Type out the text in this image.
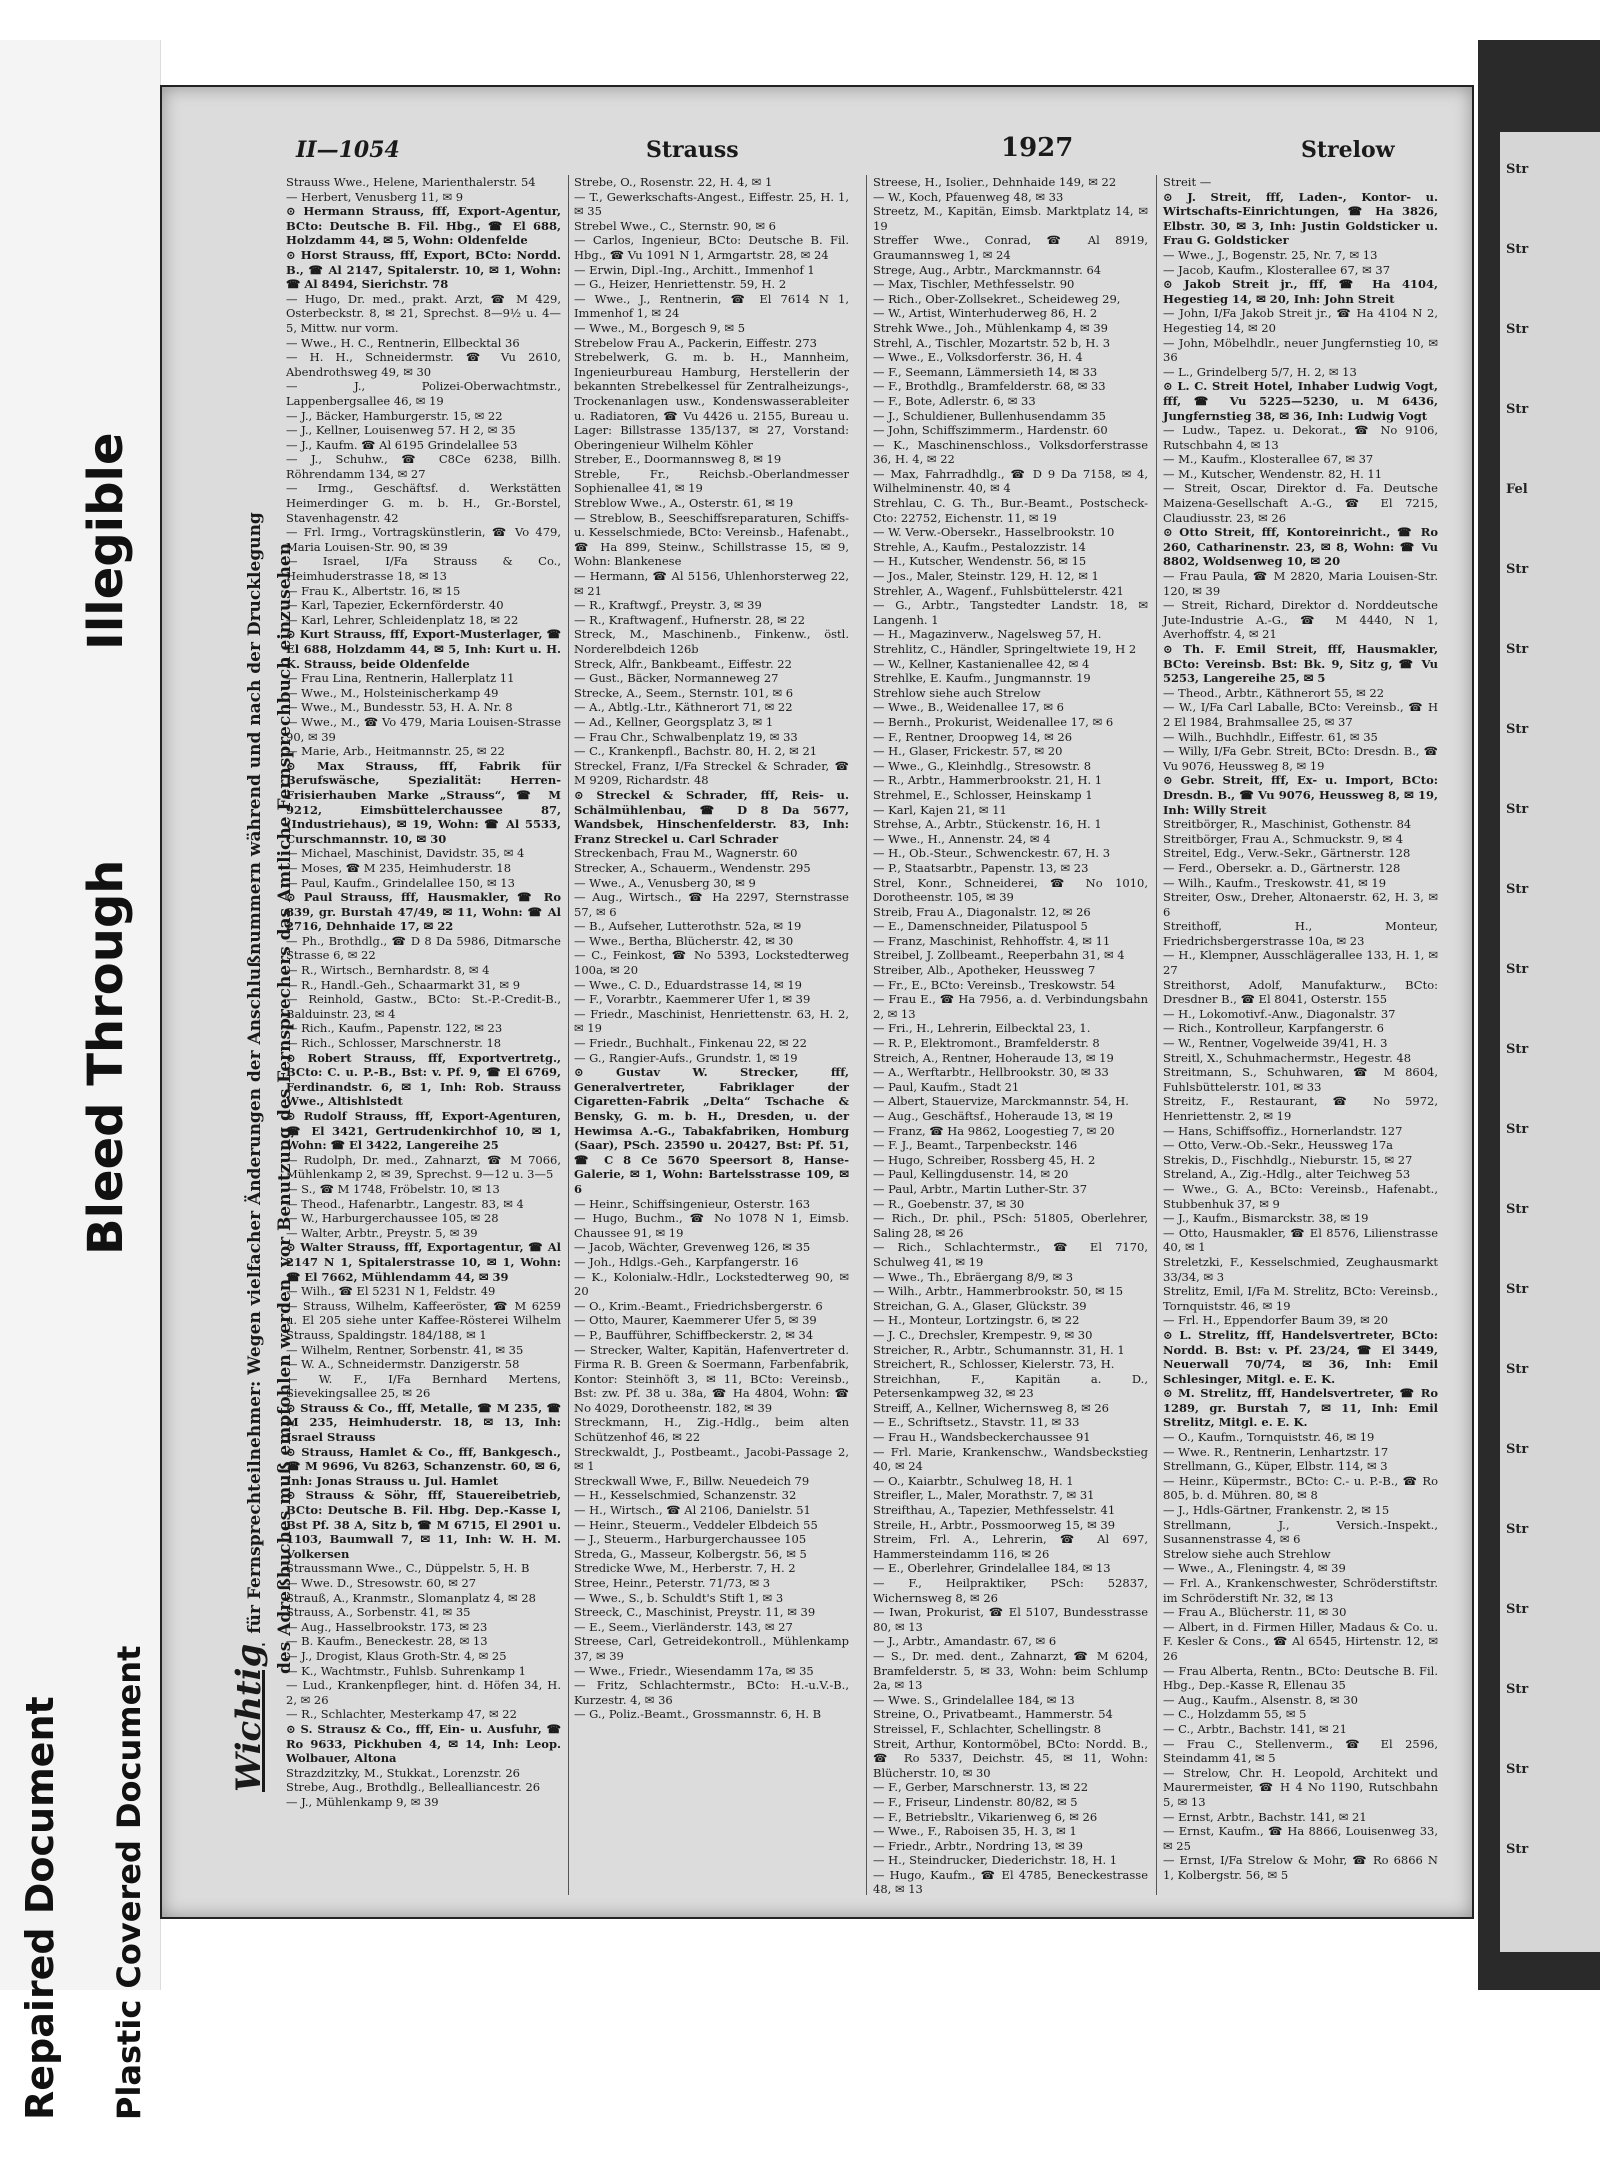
Illegible
Bleed Through
Repaired Document Plastic Covered Document
II—1054	Strauss	1927	Strelow
Wichtigfür Fernsprechteilnehmer: Wegen vielfacher Änderungen der Anschlußnummern während und nach der Drucklegung des Adreßbuches muß empfohlen werden, vor Benutzung des Fernsprechers das Amtliche Fernsprechbuch einzusehen

Strauss Wwe., Helene, Marienthalerstr. 54

— Herbert, Venusberg 11, ✉ 9

⊙ Hermann Strauss, fff, Export-Agentur, BCto: Deutsche B. Fil. Hbg., ☎ El 688, Holzdamm 44, ✉ 5, Wohn: Oldenfelde

⊙ Horst Strauss, fff, Export, BCto: Nordd. B., ☎ Al 2147, Spitalerstr. 10, ✉ 1, Wohn: ☎ Al 8494, Sierichstr. 78

— Hugo, Dr. med., prakt. Arzt, ☎ M 429, Osterbeckstr. 8, ✉ 21, Sprechst. 8—9½ u. 4—5, Mittw. nur vorm.

— Wwe., H. C., Rentnerin, Ellbecktal 36

— H. H., Schneidermstr. ☎ Vu 2610, Abendrothsweg 49, ✉ 30

— J., Polizei-Oberwachtmstr., Lappenbergsallee 46, ✉ 19

— J., Bäcker, Hamburgerstr. 15, ✉ 22

— J., Kellner, Louisenweg 57. H 2, ✉ 35

— J., Kaufm. ☎ Al 6195 Grindelallee 53

— J., Schuhw., ☎ C8Ce 6238, Billh. Röhrendamm 134, ✉ 27

— Irmg., Geschäftsf. d. Werkstätten Heimerdinger G. m. b. H., Gr.-Borstel, Stavenhagenstr. 42

— Frl. Irmg., Vortragskünstlerin, ☎ Vo 479, Maria Louisen-Str. 90, ✉ 39

— Israel, I/Fa Strauss & Co., Heimhuderstrasse 18, ✉ 13

— Frau K., Albertstr. 16, ✉ 15

— Karl, Tapezier, Eckernförderstr. 40

— Karl, Lehrer, Schleidenplatz 18, ✉ 22

⊙ Kurt Strauss, fff, Export-Musterlager, ☎ El 688, Holzdamm 44, ✉ 5, Inh: Kurt u. H. K. Strauss, beide Oldenfelde

— Frau Lina, Rentnerin, Hallerplatz 11

— Wwe., M., Holsteinischerkamp 49

— Wwe., M., Bundesstr. 53, H. A. Nr. 8

— Wwe., M., ☎ Vo 479, Maria Louisen-Strasse 90, ✉ 39

— Marie, Arb., Heitmannstr. 25, ✉ 22

⊙ Max Strauss, fff, Fabrik für Berufswäsche, Spezialität: Herren-Frisierhauben Marke „Strauss“, ☎ M 9212, Eimsbüttelerchaussee 87, (Industriehaus), ✉ 19, Wohn: ☎ Al 5533, Curschmannstr. 10, ✉ 30

— Michael, Maschinist, Davidstr. 35, ✉ 4

— Moses, ☎ M 235, Heimhuderstr. 18

— Paul, Kaufm., Grindelallee 150, ✉ 13

⊙ Paul Strauss, fff, Hausmakler, ☎ Ro 839, gr. Burstah 47/49, ✉ 11, Wohn: ☎ Al 2716, Dehnhaide 17, ✉ 22

— Ph., Brothdlg., ☎ D 8 Da 5986, Ditmarsche Strasse 6, ✉ 22

— R., Wirtsch., Bernhardstr. 8, ✉ 4

— R., Handl.-Geh., Schaarmarkt 31, ✉ 9

— Reinhold, Gastw., BCto: St.-P.-Credit-B., Balduinstr. 23, ✉ 4

— Rich., Kaufm., Papenstr. 122, ✉ 23

— Rich., Schlosser, Marschnerstr. 18

⊙ Robert Strauss, fff, Exportvertretg., BCto: C. u. P.-B., Bst: v. Pf. 9, ☎ El 6769, Ferdinandstr. 6, ✉ 1, Inh: Rob. Strauss Wwe., Altishlstedt

⊙ Rudolf Strauss, fff, Export-Agenturen, ☎ El 3421, Gertrudenkirchhof 10, ✉ 1, Wohn: ☎ El 3422, Langereihe 25

— Rudolph, Dr. med., Zahnarzt, ☎ M 7066, Mühlenkamp 2, ✉ 39, Sprechst. 9—12 u. 3—5

— S., ☎ M 1748, Fröbelstr. 10, ✉ 13

— Theod., Hafenarbtr., Langestr. 83, ✉ 4

— W., Harburgerchaussee 105, ✉ 28

— Walter, Arbtr., Preystr. 5, ✉ 39

⊙ Walter Strauss, fff, Exportagentur, ☎ Al 2147 N 1, Spitalerstrasse 10, ✉ 1, Wohn: ☎ El 7662, Mühlendamm 44, ✉ 39

— Wilh., ☎ El 5231 N 1, Feldstr. 49

— Strauss, Wilhelm, Kaffeeröster, ☎ M 6259 u. El 205 siehe unter Kaffee-Rösterei Wilhelm Strauss, Spaldingstr. 184/188, ✉ 1

— Wilhelm, Rentner, Sorbenstr. 41, ✉ 35

— W. A., Schneidermstr. Danzigerstr. 58

— W. F., I/Fa Bernhard Mertens, Sievekingsallee 25, ✉ 26

⊙ Strauss & Co., fff, Metalle, ☎ M 235, ☎ M 235, Heimhuderstr. 18, ✉ 13, Inh: Israel Strauss

⊙ Strauss, Hamlet & Co., fff, Bankgesch., ☎ M 9696, Vu 8263, Schanzenstr. 60, ✉ 6, Inh: Jonas Strauss u. Jul. Hamlet

⊙ Strauss & Söhr, fff, Stauereibetrieb, BCto: Deutsche B. Fil. Hbg. Dep.-Kasse I, Bst Pf. 38 A, Sitz b, ☎ M 6715, El 2901 u. 1103, Baumwall 7, ✉ 11, Inh: W. H. M. Volkersen

Straussmann Wwe., C., Düppelstr. 5, H. B

— Wwe. D., Stresowstr. 60, ✉ 27

Strauß, A., Kranmstr., Slomanplatz 4, ✉ 28

Strauss, A., Sorbenstr. 41, ✉ 35

— Aug., Hasselbrookstr. 173, ✉ 23

— B. Kaufm., Beneckestr. 28, ✉ 13

— J., Drogist, Klaus Groth-Str. 4, ✉ 25

— K., Wachtmstr., Fuhlsb. Suhrenkamp 1

— Lud., Krankenpfleger, hint. d. Höfen 34, H. 2, ✉ 26

— R., Schlachter, Mesterkamp 47, ✉ 22

⊙ S. Strausz & Co., fff, Ein- u. Ausfuhr, ☎ Ro 9633, Pickhuben 4, ✉ 14, Inh: Leop. Wolbauer, Altona

Strazdzitzky, M., Stukkat., Lorenzstr. 26

Strebe, Aug., Brothdlg., Bellealliancestr. 26

— J., Mühlenkamp 9, ✉ 39

Strebe, O., Rosenstr. 22, H. 4, ✉ 1

— T., Gewerkschafts-Angest., Eiffestr. 25, H. 1, ✉ 35

Strebel Wwe., C., Sternstr. 90, ✉ 6

— Carlos, Ingenieur, BCto: Deutsche B. Fil. Hbg., ☎ Vu 1091 N 1, Armgartstr. 28, ✉ 24

— Erwin, Dipl.-Ing., Architt., Immenhof 1

— G., Heizer, Henriettenstr. 59, H. 2

— Wwe., J., Rentnerin, ☎ El 7614 N 1, Immenhof 1, ✉ 24

— Wwe., M., Borgesch 9, ✉ 5

Strebelow Frau A., Packerin, Eiffestr. 273

Strebelwerk, G. m. b. H., Mannheim, Ingenieurbureau Hamburg, Herstellerin der bekannten Strebelkessel für Zentralheizungs-, Trockenanlagen usw., Kondenswasserableiter u. Radiatoren, ☎ Vu 4426 u. 2155, Bureau u. Lager: Billstrasse 135/137, ✉ 27, Vorstand: Oberingenieur Wilhelm Köhler

Streber, E., Doormannsweg 8, ✉ 19

Streble, Fr., Reichsb.-Oberlandmesser Sophienallee 41, ✉ 19

Streblow Wwe., A., Osterstr. 61, ✉ 19

— Streblow, B., Seeschiffsreparaturen, Schiffs- u. Kesselschmiede, BCto: Vereinsb., Hafenabt., ☎ Ha 899, Steinw., Schillstrasse 15, ✉ 9, Wohn: Blankenese

— Hermann, ☎ Al 5156, Uhlenhorsterweg 22, ✉ 21

— R., Kraftwgf., Preystr. 3, ✉ 39

— R., Kraftwagenf., Hufnerstr. 28, ✉ 22

Streck, M., Maschinenb., Finkenw., östl. Norderelbdeich 126b

Streck, Alfr., Bankbeamt., Eiffestr. 22

— Gust., Bäcker, Normanneweg 27

Strecke, A., Seem., Sternstr. 101, ✉ 6

— A., Abtlg.-Ltr., Käthnerort 71, ✉ 22

— Ad., Kellner, Georgsplatz 3, ✉ 1

— Frau Chr., Schwalbenplatz 19, ✉ 33

— C., Krankenpfl., Bachstr. 80, H. 2, ✉ 21

Streckel, Franz, I/Fa Streckel & Schrader, ☎ M 9209, Richardstr. 48

⊙ Streckel & Schrader, fff, Reis- u. Schälmühlenbau, ☎ D 8 Da 5677, Wandsbek, Hinschenfelderstr. 83, Inh: Franz Streckel u. Carl Schrader

Streckenbach, Frau M., Wagnerstr. 60

Strecker, A., Schauerm., Wendenstr. 295

— Wwe., A., Venusberg 30, ✉ 9

— Aug., Wirtsch., ☎ Ha 2297, Sternstrasse 57, ✉ 6

— B., Aufseher, Lutterothstr. 52a, ✉ 19

— Wwe., Bertha, Blücherstr. 42, ✉ 30

— C., Feinkost, ☎ No 5393, Lockstedterweg 100a, ✉ 20

— Wwe., C. D., Eduardstrasse 14, ✉ 19

— F., Vorarbtr., Kaemmerer Ufer 1, ✉ 39

— Friedr., Maschinist, Henriettenstr. 63, H. 2, ✉ 19

— Friedr., Buchhalt., Finkenau 22, ✉ 22

— G., Rangier-Aufs., Grundstr. 1, ✉ 19

⊙ Gustav W. Strecker, fff, Generalvertreter, Fabriklager der Cigaretten-Fabrik „Delta“ Tschache & Bensky, G. m. b. H., Dresden, u. der Hewimsa A.-G., Tabakfabriken, Homburg (Saar), PSch. 23590 u. 20427, Bst: Pf. 51, ☎ C 8 Ce 5670 Speersort 8, Hanse-Galerie, ✉ 1, Wohn: Bartelsstrasse 109, ✉ 6

— Heinr., Schiffsingenieur, Osterstr. 163

— Hugo, Buchm., ☎ No 1078 N 1, Eimsb. Chaussee 91, ✉ 19

— Jacob, Wächter, Grevenweg 126, ✉ 35

— Joh., Hdlgs.-Geh., Karpfangerstr. 16

— K., Kolonialw.-Hdlr., Lockstedterweg 90, ✉ 20

— O., Krim.-Beamt., Friedrichsbergerstr. 6

— Otto, Maurer, Kaemmerer Ufer 5, ✉ 39

— P., Baufführer, Schiffbeckerstr. 2, ✉ 34

— Strecker, Walter, Kapitän, Hafenvertreter d. Firma R. B. Green & Soermann, Farbenfabrik, Kontor: Steinhöft 3, ✉ 11, BCto: Vereinsb., Bst: zw. Pf. 38 u. 38a, ☎ Ha 4804, Wohn: ☎ No 4029, Dorotheenstr. 182, ✉ 39

Streckmann, H., Zig.-Hdlg., beim alten Schützenhof 46, ✉ 22

Streckwaldt, J., Postbeamt., Jacobi-Passage 2, ✉ 1

Streckwall Wwe, F., Billw. Neuedeich 79

— H., Kesselschmied, Schanzenstr. 32

— H., Wirtsch., ☎ Al 2106, Danielstr. 51

— Heinr., Steuerm., Veddeler Elbdeich 55

— J., Steuerm., Harburgerchaussee 105

Streda, G., Masseur, Kolbergstr. 56, ✉ 5

Stredicke Wwe, M., Herberstr. 7, H. 2

Stree, Heinr., Peterstr. 71/73, ✉ 3

— Wwe., S., b. Schuldt's Stift 1, ✉ 3

Streeck, C., Maschinist, Preystr. 11, ✉ 39

— E., Seem., Vierländerstr. 143, ✉ 27

Streese, Carl, Getreidekontroll., Mühlenkamp 37, ✉ 39

— Wwe., Friedr., Wiesendamm 17a, ✉ 35

— Fritz, Schlachtermstr., BCto: H.-u.V.-B., Kurzestr. 4, ✉ 36

— G., Poliz.-Beamt., Grossmannstr. 6, H. B

Streese, H., Isolier., Dehnhaide 149, ✉ 22

— W., Koch, Pfauenweg 48, ✉ 33

Streetz, M., Kapitän, Eimsb. Marktplatz 14, ✉ 19

Streffer Wwe., Conrad, ☎ Al 8919, Graumannsweg 1, ✉ 24

Strege, Aug., Arbtr., Marckmannstr. 64

— Max, Tischler, Methfesselstr. 90

— Rich., Ober-Zollsekret., Scheideweg 29,

— W., Artist, Winterhuderweg 86, H. 2

Strehk Wwe., Joh., Mühlenkamp 4, ✉ 39

Strehl, A., Tischler, Mozartstr. 52 b, H. 3

— Wwe., E., Volksdorferstr. 36, H. 4

— F., Seemann, Lämmersieth 14, ✉ 33

— F., Brothdlg., Bramfelderstr. 68, ✉ 33

— F., Bote, Adlerstr. 6, ✉ 33

— J., Schuldiener, Bullenhusendamm 35

— John, Schiffszimmerm., Hardenstr. 60

— K., Maschinenschloss., Volksdorferstrasse 36, H. 4, ✉ 22

— Max, Fahrradhdlg., ☎ D 9 Da 7158, ✉ 4, Wilhelminenstr. 40, ✉ 4

Strehlau, C. G. Th., Bur.-Beamt., Postscheck-Cto: 22752, Eichenstr. 11, ✉ 19

— W. Verw.-Obersekr., Hasselbrookstr. 10

Strehle, A., Kaufm., Pestalozzistr. 14

— H., Kutscher, Wendenstr. 56, ✉ 15

— Jos., Maler, Steinstr. 129, H. 12, ✉ 1

Strehler, A., Wagenf., Fuhlsbüttelerstr. 421

— G., Arbtr., Tangstedter Landstr. 18, ✉ Langenh. 1

— H., Magazinverw., Nagelsweg 57, H.

Strehlitz, C., Händler, Springeltwiete 19, H 2

— W., Kellner, Kastanienallee 42, ✉ 4

Strehlke, E. Kaufm., Jungmannstr. 19

Strehlow siehe auch Strelow

— Wwe., B., Weidenallee 17, ✉ 6

— Bernh., Prokurist, Weidenallee 17, ✉ 6

— F., Rentner, Droopweg 14, ✉ 26

— H., Glaser, Frickestr. 57, ✉ 20

— Wwe., G., Kleinhdlg., Stresowstr. 8

— R., Arbtr., Hammerbrookstr. 21, H. 1

Strehmel, E., Schlosser, Heinskamp 1

— Karl, Kajen 21, ✉ 11

Strehse, A., Arbtr., Stückenstr. 16, H. 1

— Wwe., H., Annenstr. 24, ✉ 4

— H., Ob.-Steur., Schwenckestr. 67, H. 3

— P., Staatsarbtr., Papenstr. 13, ✉ 23

Strel, Konr., Schneiderei, ☎ No 1010, Dorotheenstr. 105, ✉ 39

Streib, Frau A., Diagonalstr. 12, ✉ 26

— E., Damenschneider, Pilatuspool 5

— Franz, Maschinist, Rehhoffstr. 4, ✉ 11

Streibel, J. Zollbeamt., Reeperbahn 31, ✉ 4

Streiber, Alb., Apotheker, Heussweg 7

— Fr., E., BCto: Vereinsb., Treskowstr. 54

— Frau E., ☎ Ha 7956, a. d. Verbindungsbahn 2, ✉ 13

— Fri., H., Lehrerin, Eilbecktal 23, 1.

— R. P., Elektromont., Bramfelderstr. 8

Streich, A., Rentner, Hoheraude 13, ✉ 19

— A., Werftarbtr., Hellbrookstr. 30, ✉ 33

— Paul, Kaufm., Stadt 21

— Albert, Stauervize, Marckmannstr. 54, H.

— Aug., Geschäftsf., Hoheraude 13, ✉ 19

— Franz, ☎ Ha 9862, Loogestieg 7, ✉ 20

— F. J., Beamt., Tarpenbeckstr. 146

— Hugo, Schreiber, Rossberg 45, H. 2

— Paul, Kellingdusenstr. 14, ✉ 20

— Paul, Arbtr., Martin Luther-Str. 37

— R., Goebenstr. 37, ✉ 30

— Rich., Dr. phil., PSch: 51805, Oberlehrer, Saling 28, ✉ 26

— Rich., Schlachtermstr., ☎ El 7170, Schulweg 41, ✉ 19

— Wwe., Th., Ebräergang 8/9, ✉ 3

— Wilh., Arbtr., Hammerbrookstr. 50, ✉ 15

Streichan, G. A., Glaser, Glückstr. 39

— H., Monteur, Lortzingstr. 6, ✉ 22

— J. C., Drechsler, Krempestr. 9, ✉ 30

Streicher, R., Arbtr., Schumannstr. 31, H. 1

Streichert, R., Schlosser, Kielerstr. 73, H.

Streichhan, F., Kapitän a. D., Petersenkampweg 32, ✉ 23

Streiff, A., Kellner, Wichernsweg 8, ✉ 26

— E., Schriftsetz., Stavstr. 11, ✉ 33

— Frau H., Wandsbeckerchaussee 91

— Frl. Marie, Krankenschw., Wandsbeckstieg 40, ✉ 24

— O., Kaiarbtr., Schulweg 18, H. 1

Streifler, L., Maler, Morathstr. 7, ✉ 31

Streifthau, A., Tapezier, Methfesselstr. 41

Streile, H., Arbtr., Possmoorweg 15, ✉ 39

Streim, Frl. A., Lehrerin, ☎ Al 697, Hammersteindamm 116, ✉ 26

— E., Oberlehrer, Grindelallee 184, ✉ 13

— F., Heilpraktiker, PSch: 52837, Wichernsweg 8, ✉ 26

— Iwan, Prokurist, ☎ El 5107, Bundesstrasse 80, ✉ 13

— J., Arbtr., Amandastr. 67, ✉ 6

— S., Dr. med. dent., Zahnarzt, ☎ M 6204, Bramfelderstr. 5, ✉ 33, Wohn: beim Schlump 2a, ✉ 13

— Wwe. S., Grindelallee 184, ✉ 13

Streine, O., Privatbeamt., Hammerstr. 54

Streissel, F., Schlachter, Schellingstr. 8

Streit, Arthur, Kontormöbel, BCto: Nordd. B., ☎ Ro 5337, Deichstr. 45, ✉ 11, Wohn: Blücherstr. 10, ✉ 30

— F., Gerber, Marschnerstr. 13, ✉ 22

— F., Friseur, Lindenstr. 80/82, ✉ 5

— F., Betriebsltr., Vikarienweg 6, ✉ 26

— Wwe., F., Raboisen 35, H. 3, ✉ 1

— Friedr., Arbtr., Nordring 13, ✉ 39

— H., Steindrucker, Diederichstr. 18, H. 1

— Hugo, Kaufm., ☎ El 4785, Beneckestrasse 48, ✉ 13

Streit —

⊙ J. Streit, fff, Laden-, Kontor- u. Wirtschafts-Einrichtungen, ☎ Ha 3826, Elbstr. 30, ✉ 3, Inh: Justin Goldsticker u. Frau G. Goldsticker

— Wwe., J., Bogenstr. 25, Nr. 7, ✉ 13

— Jacob, Kaufm., Klosterallee 67, ✉ 37

⊙ Jakob Streit jr., fff, ☎ Ha 4104, Hegestieg 14, ✉ 20, Inh: John Streit

— John, I/Fa Jakob Streit jr., ☎ Ha 4104 N 2, Hegestieg 14, ✉ 20

— John, Möbelhdlr., neuer Jungfernstieg 10, ✉ 36

— L., Grindelberg 5/7, H. 2, ✉ 13

⊙ L. C. Streit Hotel, Inhaber Ludwig Vogt, fff, ☎ Vu 5225—5230, u. M 6436, Jungfernstieg 38, ✉ 36, Inh: Ludwig Vogt

— Ludw., Tapez. u. Dekorat., ☎ No 9106, Rutschbahn 4, ✉ 13

— M., Kaufm., Klosterallee 67, ✉ 37

— M., Kutscher, Wendenstr. 82, H. 11

— Streit, Oscar, Direktor d. Fa. Deutsche Maizena-Gesellschaft A.-G., ☎ El 7215, Claudiusstr. 23, ✉ 26

⊙ Otto Streit, fff, Kontoreinricht., ☎ Ro 260, Catharinenstr. 23, ✉ 8, Wohn: ☎ Vu 8802, Woldsenweg 10, ✉ 20

— Frau Paula, ☎ M 2820, Maria Louisen-Str. 120, ✉ 39

— Streit, Richard, Direktor d. Norddeutsche Jute-Industrie A.-G., ☎ M 4440, N 1, Averhoffstr. 4, ✉ 21

⊙ Th. F. Emil Streit, fff, Hausmakler, BCto: Vereinsb. Bst: Bk. 9, Sitz g, ☎ Vu 5253, Langereihe 25, ✉ 5

— Theod., Arbtr., Käthnerort 55, ✉ 22

— W., I/Fa Carl Laballe, BCto: Vereinsb., ☎ H 2 El 1984, Brahmsallee 25, ✉ 37

— Wilh., Buchhdlr., Eiffestr. 61, ✉ 35

— Willy, I/Fa Gebr. Streit, BCto: Dresdn. B., ☎ Vu 9076, Heussweg 8, ✉ 19

⊙ Gebr. Streit, fff, Ex- u. Import, BCto: Dresdn. B., ☎ Vu 9076, Heussweg 8, ✉ 19, Inh: Willy Streit

Streitbörger, R., Maschinist, Gothenstr. 84

Streitbörger, Frau A., Schmuckstr. 9, ✉ 4

Streitel, Edg., Verw.-Sekr., Gärtnerstr. 128

— Ferd., Obersekr. a. D., Gärtnerstr. 128

— Wilh., Kaufm., Treskowstr. 41, ✉ 19

Streiter, Osw., Dreher, Altonaerstr. 62, H. 3, ✉ 6

Streithoff, H., Monteur, Friedrichsbergerstrasse 10a, ✉ 23

— H., Klempner, Ausschlägerallee 133, H. 1, ✉ 27

Streithorst, Adolf, Manufakturw., BCto: Dresdner B., ☎ El 8041, Osterstr. 155

— H., Lokomotivf.-Anw., Diagonalstr. 37

— Rich., Kontrolleur, Karpfangerstr. 6

— W., Rentner, Vogelweide 39/41, H. 3

Streitl, X., Schuhmachermstr., Hegestr. 48

Streitmann, S., Schuhwaren, ☎ M 8604, Fuhlsbüttelerstr. 101, ✉ 33

Streitz, F., Restaurant, ☎ No 5972, Henriettenstr. 2, ✉ 19

— Hans, Schiffsoffiz., Hornerlandstr. 127

— Otto, Verw.-Ob.-Sekr., Heussweg 17a

Strekis, D., Fischhdlg., Nieburstr. 15, ✉ 27

Streland, A., Zig.-Hdlg., alter Teichweg 53

— Wwe., G. A., BCto: Vereinsb., Hafenabt., Stubbenhuk 37, ✉ 9

— J., Kaufm., Bismarckstr. 38, ✉ 19

— Otto, Hausmakler, ☎ El 8576, Lilienstrasse 40, ✉ 1

Streletzki, F., Kesselschmied, Zeughausmarkt 33/34, ✉ 3

Strelitz, Emil, I/Fa M. Strelitz, BCto: Vereinsb., Tornquiststr. 46, ✉ 19

— Frl. H., Eppendorfer Baum 39, ✉ 20

⊙ L. Strelitz, fff, Handelsvertreter, BCto: Nordd. B. Bst: v. Pf. 23/24, ☎ El 3449, Neuerwall 70/74, ✉ 36, Inh: Emil Schlesinger, Mitgl. e. E. K.

⊙ M. Strelitz, fff, Handelsvertreter, ☎ Ro 1289, gr. Burstah 7, ✉ 11, Inh: Emil Strelitz, Mitgl. e. E. K.

— O., Kaufm., Tornquiststr. 46, ✉ 19

— Wwe. R., Rentnerin, Lenhartzstr. 17

Strellmann, G., Küper, Elbstr. 114, ✉ 3

— Heinr., Küpermstr., BCto: C.- u. P.-B., ☎ Ro 805, b. d. Mühren. 80, ✉ 8

— J., Hdls-Gärtner, Frankenstr. 2, ✉ 15

Strellmann, J., Versich.-Inspekt., Susannenstrasse 4, ✉ 6

Strelow siehe auch Strehlow

— Wwe., A., Fleningstr. 4, ✉ 39

— Frl. A., Krankenschwester, Schröderstiftstr. im Schröderstift Nr. 32, ✉ 13

— Frau A., Blücherstr. 11, ✉ 30

— Albert, in d. Firmen Hiller, Madaus & Co. u. F. Kesler & Cons., ☎ Al 6545, Hirtenstr. 12, ✉ 26

— Frau Alberta, Rentn., BCto: Deutsche B. Fil. Hbg., Dep.-Kasse R, Ellenau 35

— Aug., Kaufm., Alsenstr. 8, ✉ 30

— C., Holzdamm 55, ✉ 5

— C., Arbtr., Bachstr. 141, ✉ 21

— Frau C., Stellenverm., ☎ El 2596, Steindamm 41, ✉ 5

— Strelow, Chr. H. Leopold, Architekt und Maurermeister, ☎ H 4 No 1190, Rutschbahn 5, ✉ 13

— Ernst, Arbtr., Bachstr. 141, ✉ 21

— Ernst, Kaufm., ☎ Ha 8866, Louisenweg 33, ✉ 25

— Ernst, I/Fa Strelow & Mohr, ☎ Ro 6866 N 1, Kolbergstr. 56, ✉ 5

Str
Str
Str
Str
Fel
Str
Str
Str
Str
Str
Str
Str
Str
Str
Str
Str
Str
Str
Str
Str
Str
Str
